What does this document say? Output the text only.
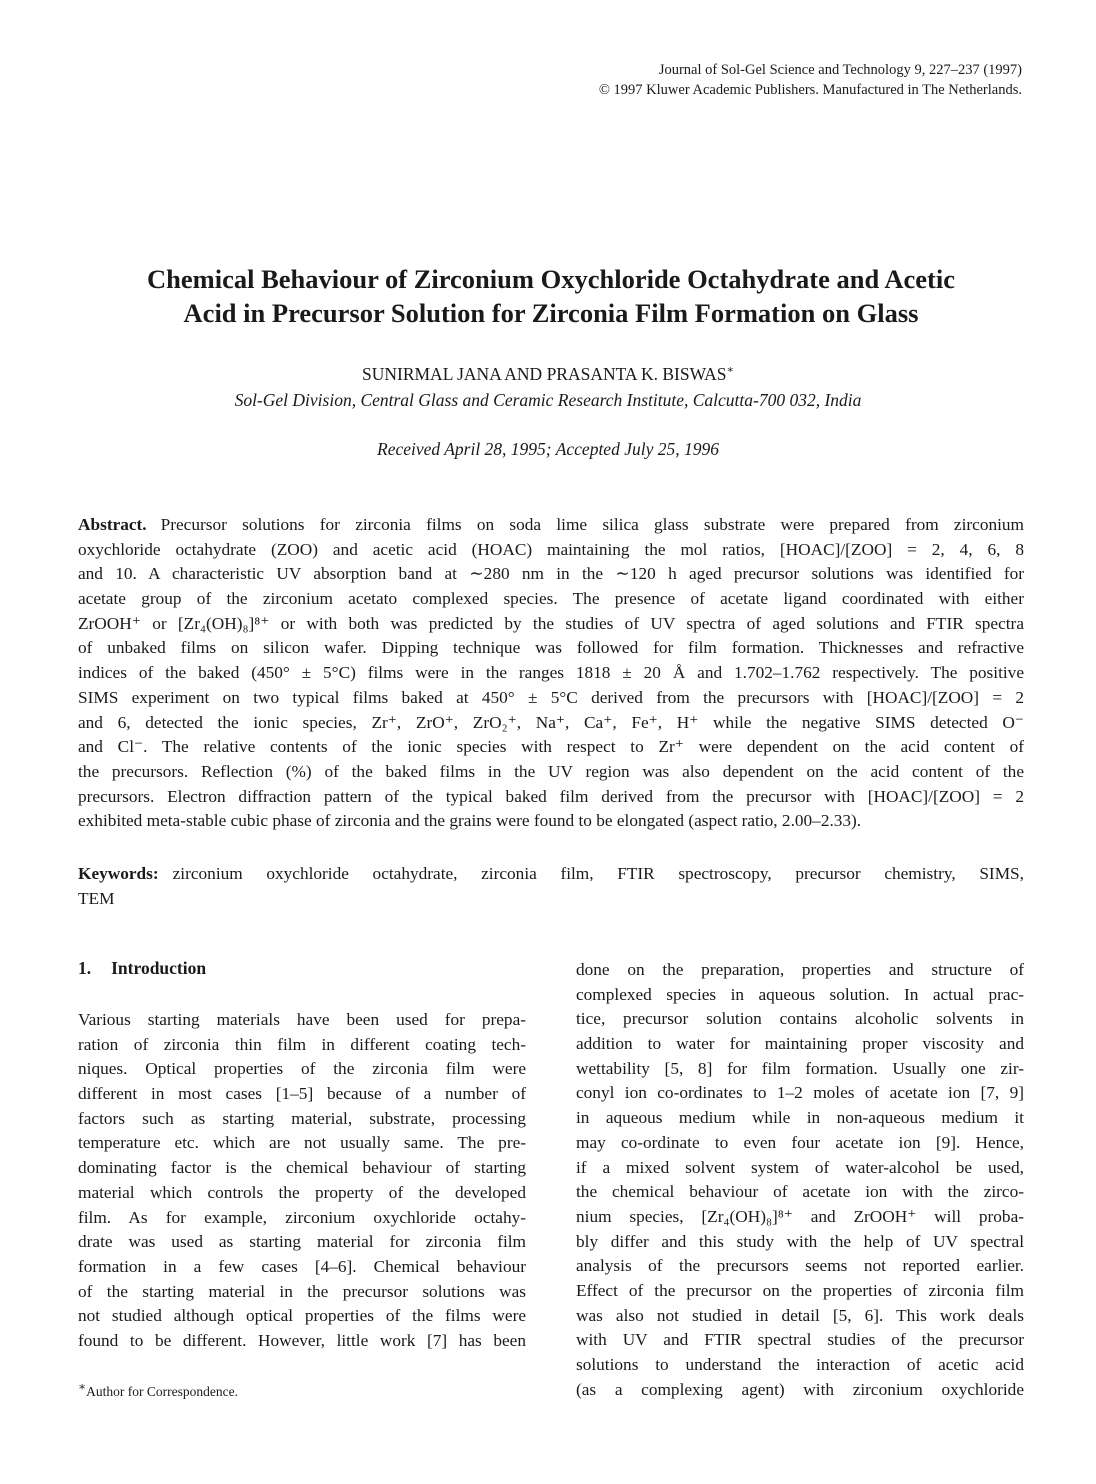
Journal of Sol-Gel Science and Technology 9, 227–237 (1997)
© 1997 Kluwer Academic Publishers. Manufactured in The Netherlands.
Chemical Behaviour of Zirconium Oxychloride Octahydrate and Acetic
Acid in Precursor Solution for Zirconia Film Formation on Glass
SUNIRMAL JANA AND PRASANTA K. BISWAS∗
Sol-Gel Division, Central Glass and Ceramic Research Institute, Calcutta-700 032, India
Received April 28, 1995; Accepted July 25, 1996
Abstract. Precursor solutions for zirconia films on soda lime silica glass substrate were prepared from zirconium
oxychloride octahydrate (ZOO) and acetic acid (HOAC) maintaining the mol ratios, [HOAC]/[ZOO] = 2, 4, 6, 8
and 10. A characteristic UV absorption band at ∼280 nm in the ∼120 h aged precursor solutions was identified for
acetate group of the zirconium acetato complexed species. The presence of acetate ligand coordinated with either
ZrOOH⁺ or [Zr₄(OH)₈]⁸⁺ or with both was predicted by the studies of UV spectra of aged solutions and FTIR spectra
of unbaked films on silicon wafer. Dipping technique was followed for film formation. Thicknesses and refractive
indices of the baked (450° ± 5°C) films were in the ranges 1818 ± 20 Å and 1.702–1.762 respectively. The positive
SIMS experiment on two typical films baked at 450° ± 5°C derived from the precursors with [HOAC]/[ZOO] = 2
and 6, detected the ionic species, Zr⁺, ZrO⁺, ZrO₂⁺, Na⁺, Ca⁺, Fe⁺, H⁺ while the negative SIMS detected O⁻
and Cl⁻. The relative contents of the ionic species with respect to Zr⁺ were dependent on the acid content of
the precursors. Reflection (%) of the baked films in the UV region was also dependent on the acid content of the
precursors. Electron diffraction pattern of the typical baked film derived from the precursor with [HOAC]/[ZOO] = 2
exhibited meta-stable cubic phase of zirconia and the grains were found to be elongated (aspect ratio, 2.00–2.33).
Keywords: zirconium oxychloride octahydrate, zirconia film, FTIR spectroscopy, precursor chemistry, SIMS,
TEM
1. Introduction
Various starting materials have been used for prepa-
ration of zirconia thin film in different coating tech-
niques. Optical properties of the zirconia film were
different in most cases [1–5] because of a number of
factors such as starting material, substrate, processing
temperature etc. which are not usually same. The pre-
dominating factor is the chemical behaviour of starting
material which controls the property of the developed
film. As for example, zirconium oxychloride octahy-
drate was used as starting material for zirconia film
formation in a few cases [4–6]. Chemical behaviour
of the starting material in the precursor solutions was
not studied although optical properties of the films were
found to be different. However, little work [7] has been
done on the preparation, properties and structure of
complexed species in aqueous solution. In actual prac-
tice, precursor solution contains alcoholic solvents in
addition to water for maintaining proper viscosity and
wettability [5, 8] for film formation. Usually one zir-
conyl ion co-ordinates to 1–2 moles of acetate ion [7, 9]
in aqueous medium while in non-aqueous medium it
may co-ordinate to even four acetate ion [9]. Hence,
if a mixed solvent system of water-alcohol be used,
the chemical behaviour of acetate ion with the zirco-
nium species, [Zr₄(OH)₈]⁸⁺ and ZrOOH⁺ will proba-
bly differ and this study with the help of UV spectral
analysis of the precursors seems not reported earlier.
Effect of the precursor on the properties of zirconia film
was also not studied in detail [5, 6]. This work deals
with UV and FTIR spectral studies of the precursor
solutions to understand the interaction of acetic acid
(as a complexing agent) with zirconium oxychloride
∗Author for Correspondence.
